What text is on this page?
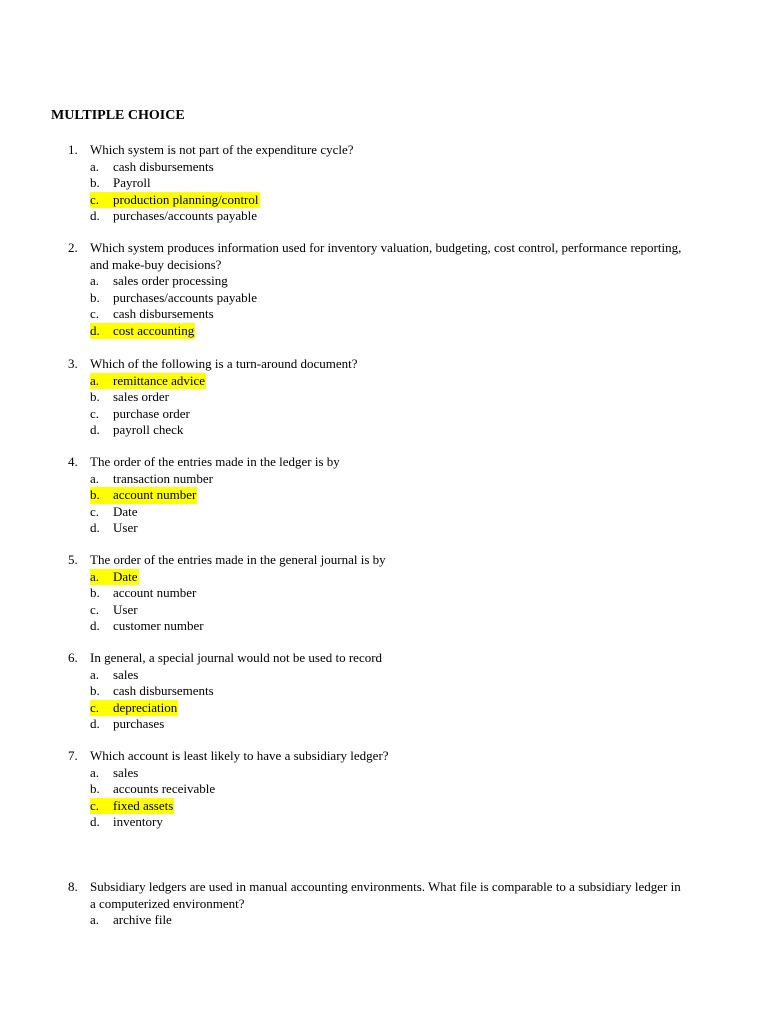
MULTIPLE CHOICE
1. Which system is not part of the expenditure cycle?
a.	cash disbursements
b.	Payroll
c.	production planning/control
d.	purchases/accounts payable
2. Which system produces information used for inventory valuation, budgeting, cost control, performance reporting, and make-buy decisions?
a.	sales order processing
b.	purchases/accounts payable
c.	cash disbursements
d.	cost accounting
3. Which of the following is a turn-around document?
a.	remittance advice
b.	sales order
c.	purchase order
d.	payroll check
4. The order of the entries made in the ledger is by
a.	transaction number
b.	account number
c.	Date
d.	User
5. The order of the entries made in the general journal is by
a.	Date
b.	account number
c.	User
d.	customer number
6. In general, a special journal would not be used to record
a.	sales
b.	cash disbursements
c.	depreciation
d.	purchases
7. Which account is least likely to have a subsidiary ledger?
a.	sales
b.	accounts receivable
c.	fixed assets
d.	inventory
8. Subsidiary ledgers are used in manual accounting environments. What file is comparable to a subsidiary ledger in a computerized environment?
a.	archive file
